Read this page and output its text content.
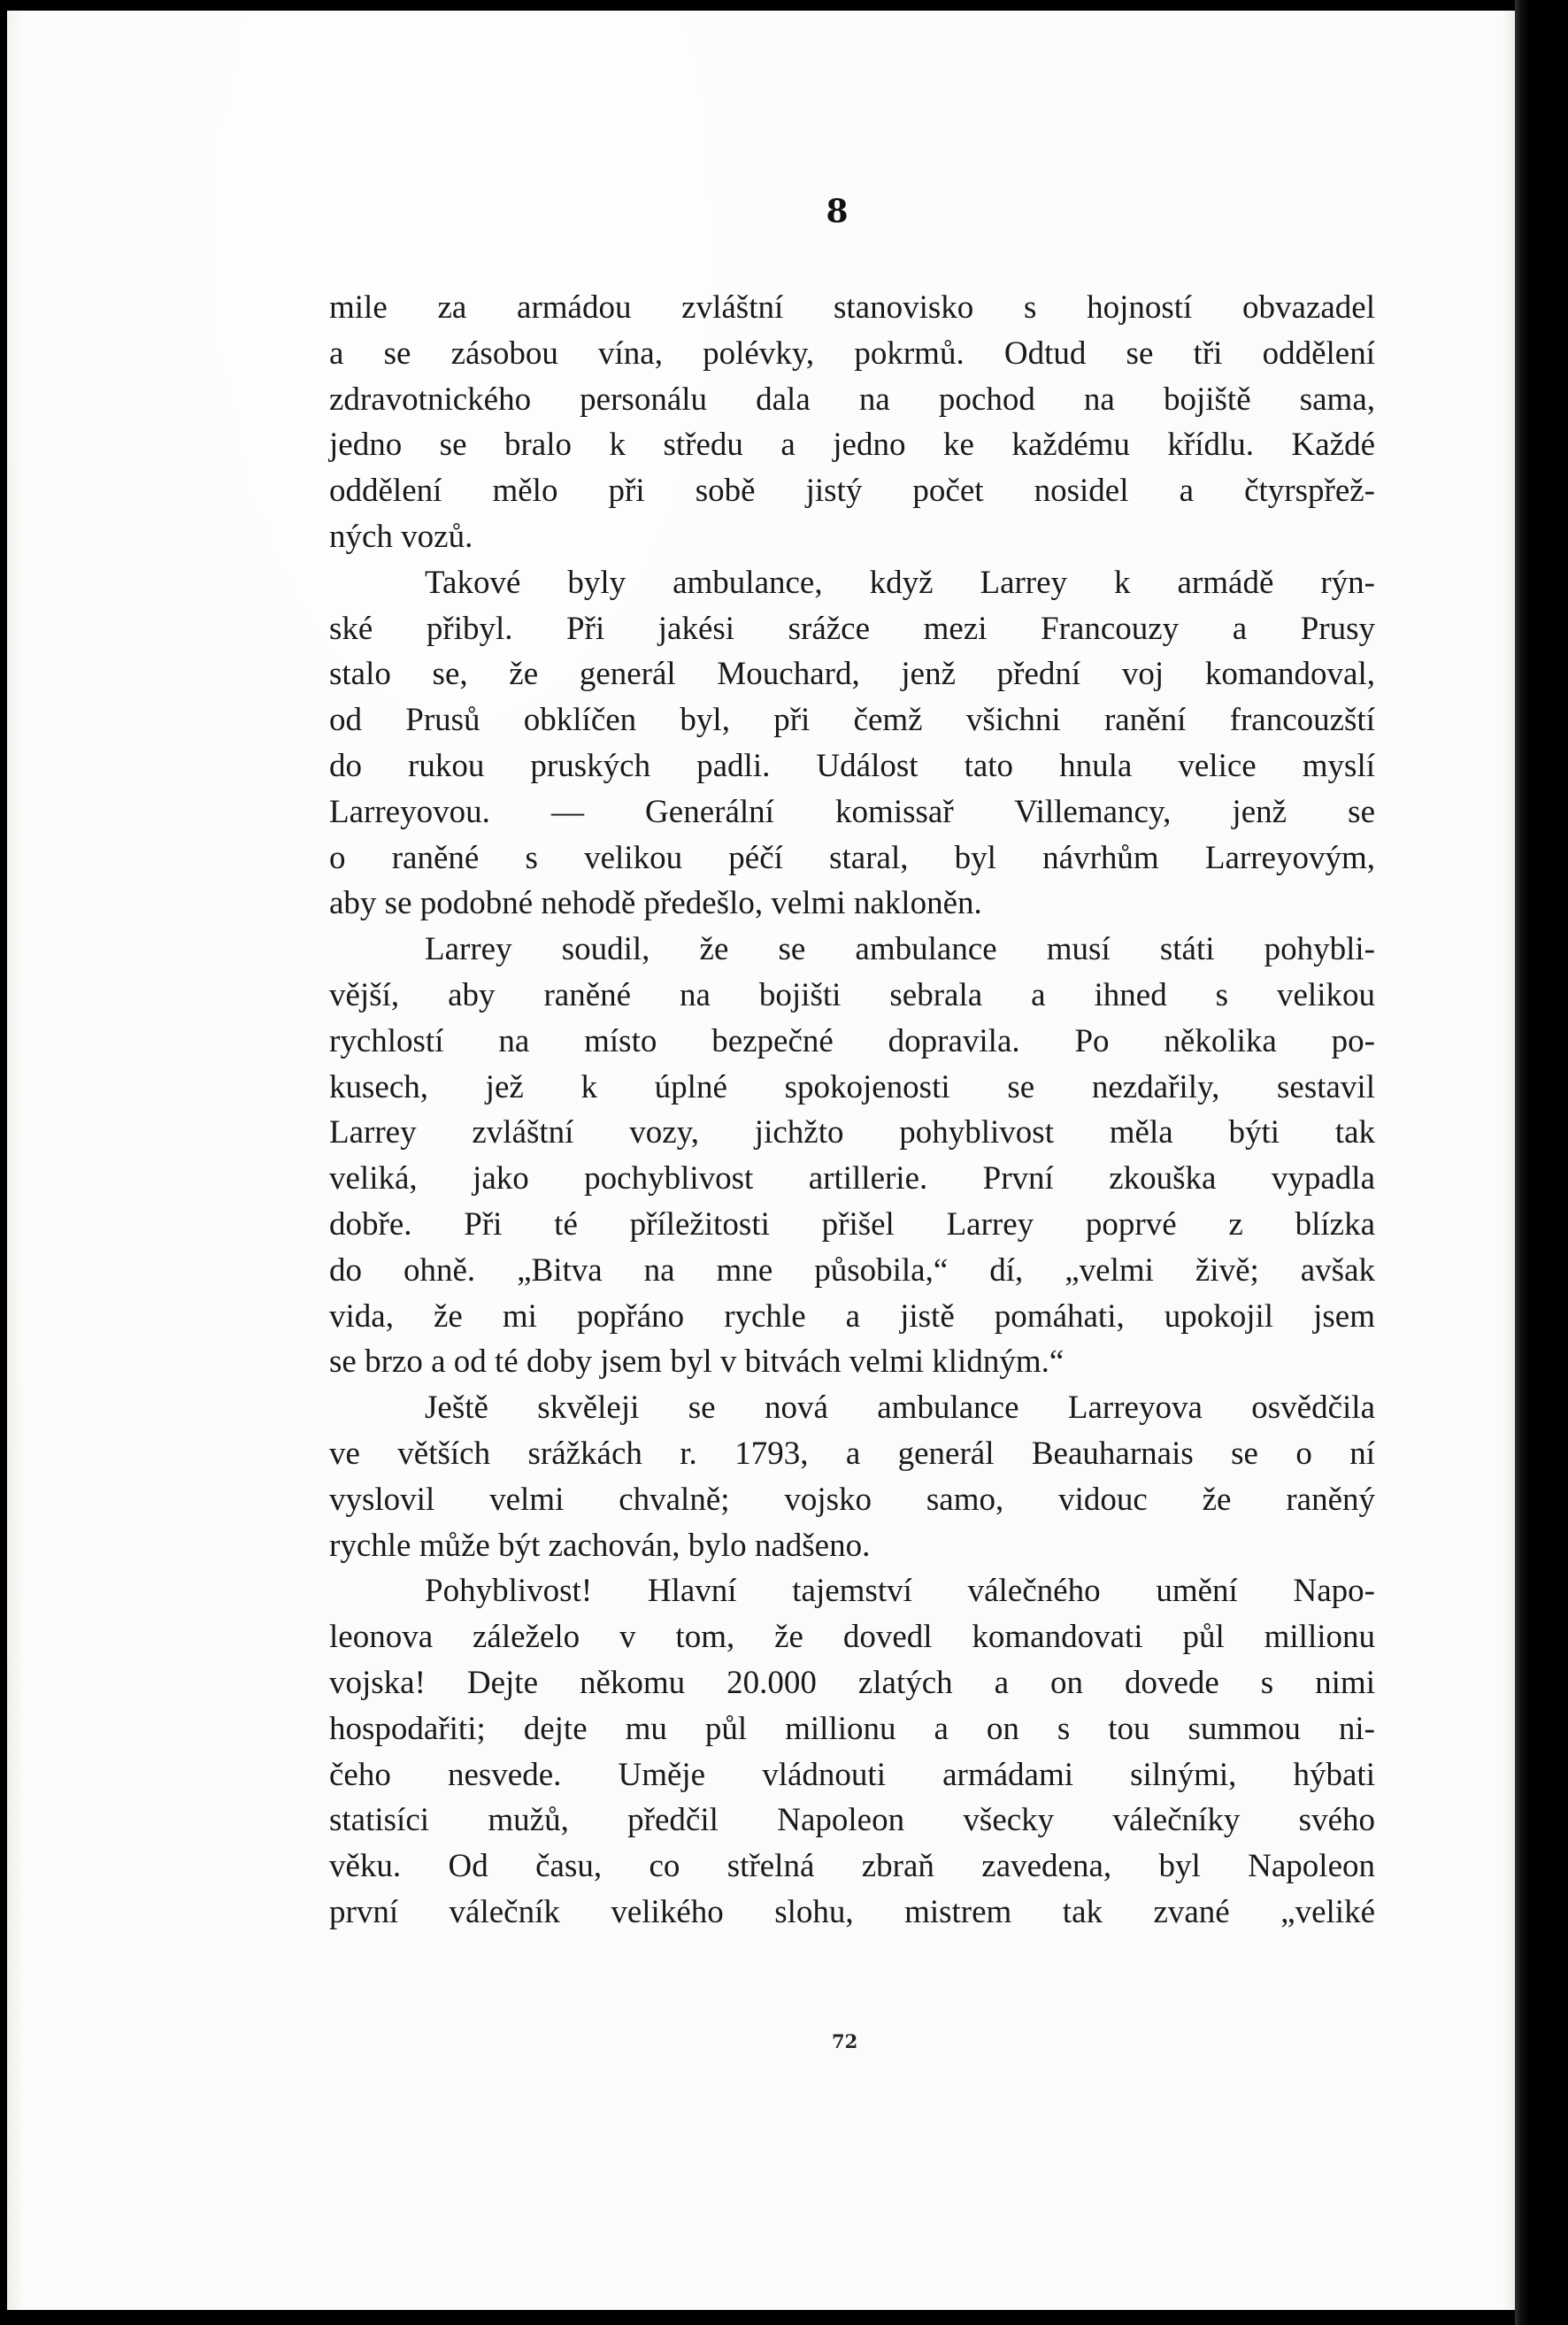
8

mile za armádou zvláštní stanovisko s hojností obvazadel
a se zásobou vína, polévky, pokrmů. Odtud se tři oddělení
zdravotnického personálu dala na pochod na bojiště sama,
jedno se bralo k středu a jedno ke každému křídlu. Každé
oddělení mělo při sobě jistý počet nosidel a čtyrspřež-
ných vozů.
Takové byly ambulance, když Larrey k armádě rýn-
ské přibyl. Při jakési srážce mezi Francouzy a Prusy
stalo se, že generál Mouchard, jenž přední voj komandoval,
od Prusů obklíčen byl, při čemž všichni ranění francouzští
do rukou pruských padli. Událost tato hnula velice myslí
Larreyovou. — Generální komissař Villemancy, jenž se
o raněné s velikou péčí staral, byl návrhům Larreyovým,
aby se podobné nehodě předešlo, velmi nakloněn.
Larrey soudil, že se ambulance musí státi pohybli-
vější, aby raněné na bojišti sebrala a ihned s velikou
rychlostí na místo bezpečné dopravila. Po několika po-
kusech, jež k úplné spokojenosti se nezdařily, sestavil
Larrey zvláštní vozy, jichžto pohyblivost měla býti tak
veliká, jako pochyblivost artillerie. První zkouška vypadla
dobře. Při té příležitosti přišel Larrey poprvé z blízka
do ohně. „Bitva na mne působila,“ dí, „velmi živě; avšak
vida, že mi popřáno rychle a jistě pomáhati, upokojil jsem
se brzo a od té doby jsem byl v bitvách velmi klidným.“
Ještě skvěleji se nová ambulance Larreyova osvědčila
ve větších srážkách r. 1793, a generál Beauharnais se o ní
vyslovil velmi chvalně; vojsko samo, vidouc že raněný
rychle může být zachován, bylo nadšeno.
Pohyblivost! Hlavní tajemství válečného umění Napo-
leonova záleželo v tom, že dovedl komandovati půl millionu
vojska! Dejte někomu 20.000 zlatých a on dovede s nimi
hospodařiti; dejte mu půl millionu a on s tou summou ni-
čeho nesvede. Uměje vládnouti armádami silnými, hýbati
statisíci mužů, předčil Napoleon všecky válečníky svého
věku. Od času, co střelná zbraň zavedena, byl Napoleon
první válečník velikého slohu, mistrem tak zvané „veliké

72
